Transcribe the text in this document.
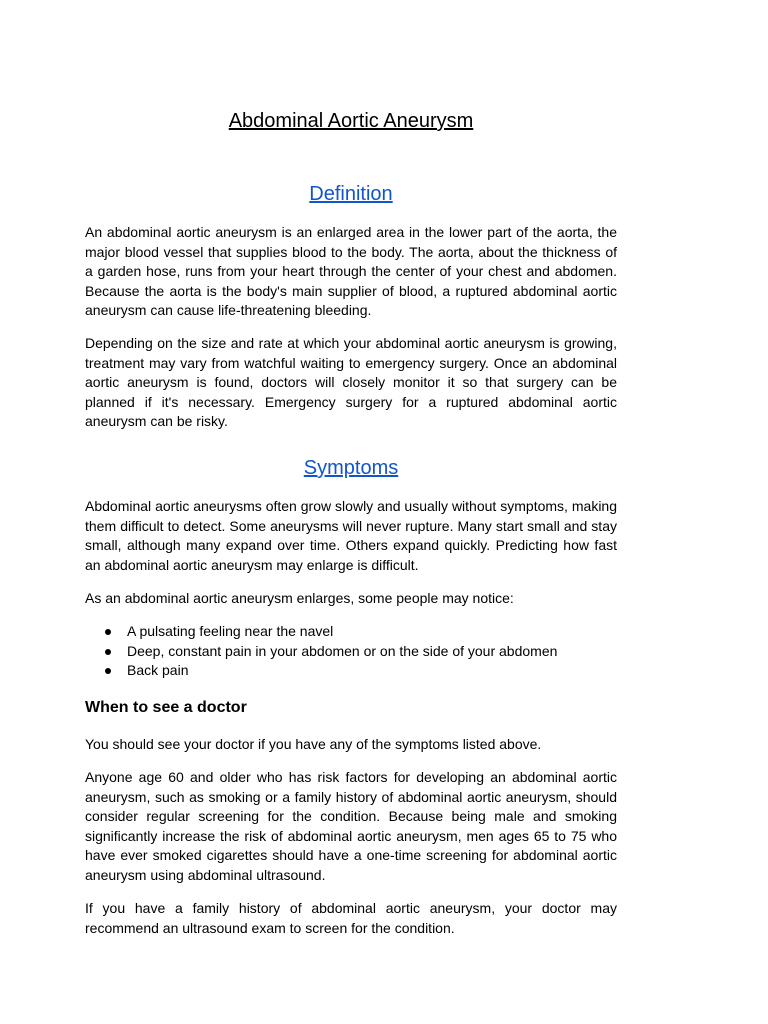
Abdominal Aortic Aneurysm
Definition

An abdominal aortic aneurysm is an enlarged area in the lower part of the aorta, the major blood vessel that supplies blood to the body. The aorta, about the thickness of a garden hose, runs from your heart through the center of your chest and abdomen. Because the aorta is the body's main supplier of blood, a ruptured abdominal aortic aneurysm can cause life-threatening bleeding.

Depending on the size and rate at which your abdominal aortic aneurysm is growing, treatment may vary from watchful waiting to emergency surgery. Once an abdominal aortic aneurysm is found, doctors will closely monitor it so that surgery can be planned if it's necessary. Emergency surgery for a ruptured abdominal aortic aneurysm can be risky.

Symptoms

Abdominal aortic aneurysms often grow slowly and usually without symptoms, making them difficult to detect. Some aneurysms will never rupture. Many start small and stay small, although many expand over time. Others expand quickly. Predicting how fast an abdominal aortic aneurysm may enlarge is difficult.

As an abdominal aortic aneurysm enlarges, some people may notice:

A pulsating feeling near the navel
Deep, constant pain in your abdomen or on the side of your abdomen
Back pain
When to see a doctor

You should see your doctor if you have any of the symptoms listed above.

Anyone age 60 and older who has risk factors for developing an abdominal aortic aneurysm, such as smoking or a family history of abdominal aortic aneurysm, should consider regular screening for the condition. Because being male and smoking significantly increase the risk of abdominal aortic aneurysm, men ages 65 to 75 who have ever smoked cigarettes should have a one-time screening for abdominal aortic aneurysm using abdominal ultrasound.

If you have a family history of abdominal aortic aneurysm, your doctor may recommend an ultrasound exam to screen for the condition.
